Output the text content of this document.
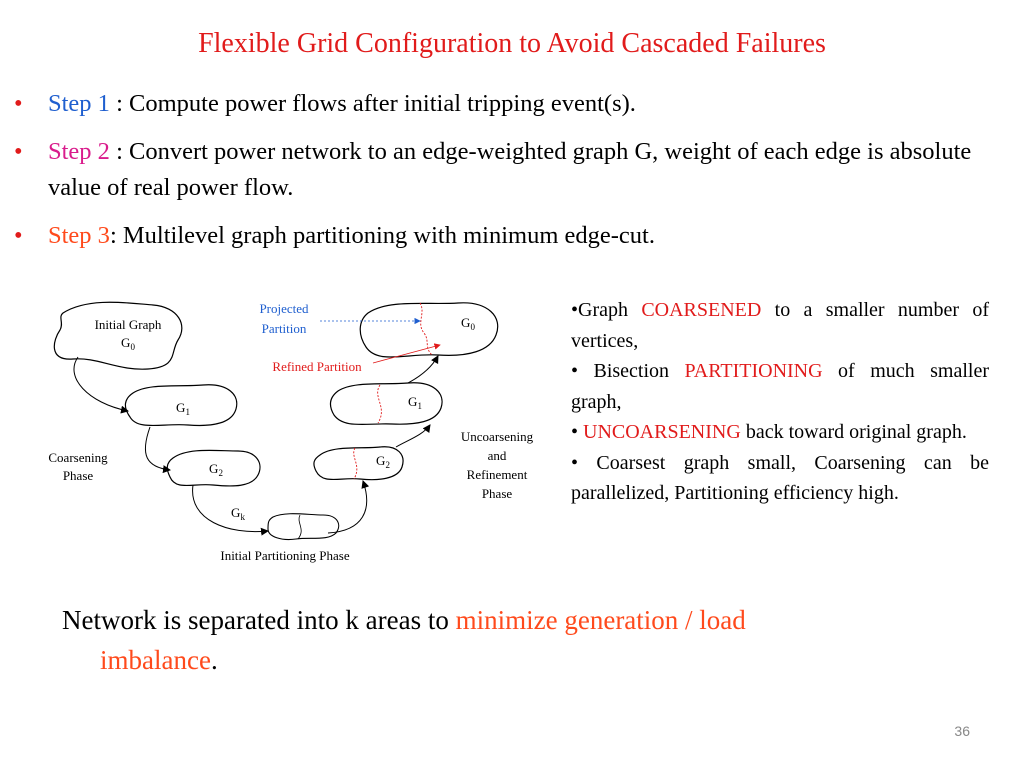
Flexible Grid Configuration to Avoid Cascaded Failures
• Step 1 : Compute power flows after initial tripping event(s).
• Step 2 : Convert power network to an edge-weighted graph G, weight of each edge is absolute value of real power flow.
• Step 3: Multilevel graph partitioning with minimum edge-cut.
Initial Graph
$G_0$
$G_1$
$G_2$
$G_k$
$G_2$
$G_1$
$G_0$
Projected
Partition
Refined Partition
Coarsening
Phase
Uncoarsening
and
Refinement
Phase
Initial Partitioning Phase

•Graph COARSENED to a smaller number of vertices,

• Bisection PARTITIONING of much smaller graph,

• UNCOARSENING back toward original graph.

• Coarsest graph small, Coarsening can be parallelized, Partitioning efficiency high.

Network is separated into k areas to minimize generation / load
imbalance.
36
